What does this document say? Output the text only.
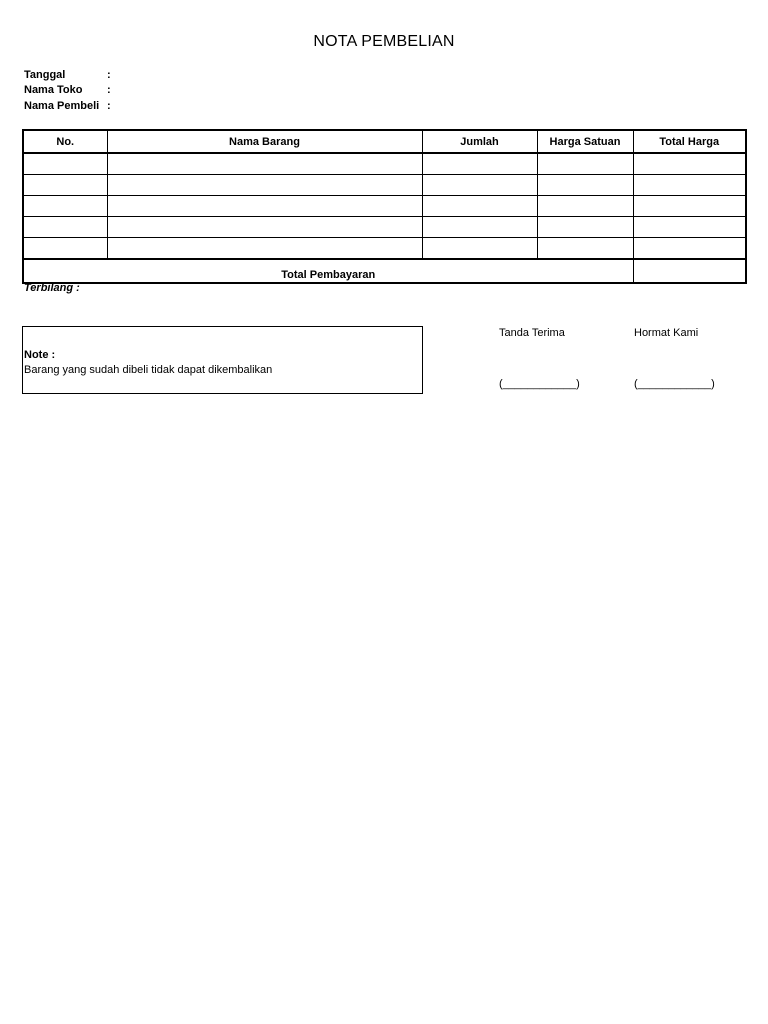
NOTA PEMBELIAN
Tanggal	:
Nama Toko :
Nama Pembeli :
No.	Nama Barang	Jumlah	Harga Satuan	Total Harga

Total Pembayaran				
Terbilang :
Note :
Barang yang sudah dibeli tidak dapat dikembalikan
Tanda Terima	Hormat Kami
(____________)	(____________)
